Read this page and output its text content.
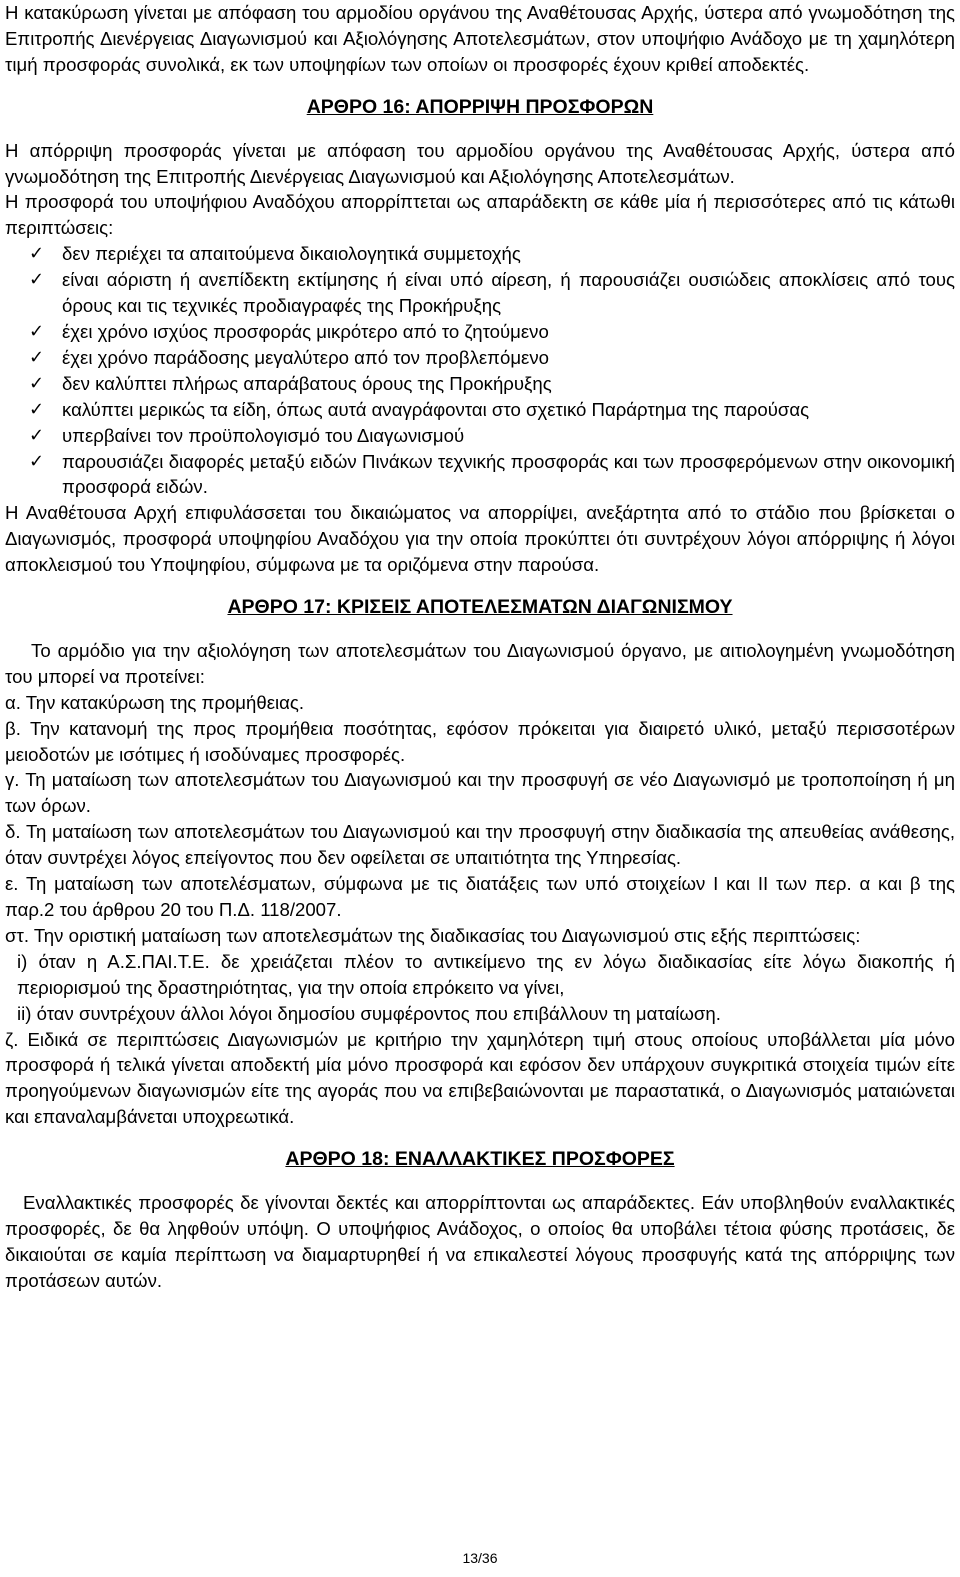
Η κατακύρωση γίνεται με απόφαση του αρμοδίου οργάνου της Αναθέτουσας Αρχής, ύστερα από γνωμοδότηση της Επιτροπής Διενέργειας Διαγωνισμού και Αξιολόγησης Αποτελεσμάτων, στον υποψήφιο Ανάδοχο με τη χαμηλότερη τιμή προσφοράς συνολικά, εκ των υποψηφίων των οποίων οι προσφορές έχουν κριθεί αποδεκτές.

ΑΡΘΡΟ 16: ΑΠΟΡΡΙΨΗ ΠΡΟΣΦΟΡΩΝ

Η απόρριψη προσφοράς γίνεται με απόφαση του αρμοδίου οργάνου της Αναθέτουσας Αρχής, ύστερα από γνωμοδότηση της Επιτροπής Διενέργειας Διαγωνισμού και Αξιολόγησης Αποτελεσμάτων.

Η προσφορά του υποψήφιου Αναδόχου απορρίπτεται ως απαράδεκτη σε κάθε μία ή περισσότερες από τις κάτωθι περιπτώσεις:

✓ δεν περιέχει τα απαιτούμενα δικαιολογητικά συμμετοχής
✓ είναι αόριστη ή ανεπίδεκτη εκτίμησης ή είναι υπό αίρεση, ή παρουσιάζει ουσιώδεις αποκλίσεις από τους όρους και τις τεχνικές προδιαγραφές της Προκήρυξης
✓ έχει χρόνο ισχύος προσφοράς μικρότερο από το ζητούμενο
✓ έχει χρόνο παράδοσης μεγαλύτερο από τον προβλεπόμενο
✓ δεν καλύπτει πλήρως απαράβατους όρους της Προκήρυξης
✓ καλύπτει μερικώς τα είδη, όπως αυτά αναγράφονται στο σχετικό Παράρτημα της παρούσας
✓ υπερβαίνει τον προϋπολογισμό του Διαγωνισμού
✓ παρουσιάζει διαφορές μεταξύ ειδών Πινάκων τεχνικής προσφοράς και των προσφερόμενων στην οικονομική προσφορά ειδών.

Η Αναθέτουσα Αρχή επιφυλάσσεται του δικαιώματος να απορρίψει, ανεξάρτητα από το στάδιο που βρίσκεται ο Διαγωνισμός, προσφορά υποψηφίου Αναδόχου για την οποία προκύπτει ότι συντρέχουν λόγοι απόρριψης ή λόγοι αποκλεισμού του Υποψηφίου, σύμφωνα με τα οριζόμενα στην παρούσα.

ΑΡΘΡΟ 17: ΚΡΙΣΕΙΣ ΑΠΟΤΕΛΕΣΜΑΤΩΝ ΔΙΑΓΩΝΙΣΜΟΥ

Το αρμόδιο για την αξιολόγηση των αποτελεσμάτων του Διαγωνισμού όργανο, με αιτιολογημένη γνωμοδότηση του μπορεί να προτείνει:

α. Την κατακύρωση της προμήθειας.

β. Την κατανομή της προς προμήθεια ποσότητας, εφόσον πρόκειται για διαιρετό υλικό, μεταξύ περισσοτέρων μειοδοτών με ισότιμες ή ισοδύναμες προσφορές.

γ. Τη ματαίωση των αποτελεσμάτων του Διαγωνισμού και την προσφυγή σε νέο Διαγωνισμό με τροποποίηση ή μη των όρων.

δ. Τη ματαίωση των αποτελεσμάτων του Διαγωνισμού και την προσφυγή στην διαδικασία της απευθείας ανάθεσης, όταν συντρέχει λόγος επείγοντος που δεν οφείλεται σε υπαιτιότητα της Υπηρεσίας.

ε. Τη ματαίωση των αποτελέσματων, σύμφωνα με τις διατάξεις των υπό στοιχείων Ι και ΙΙ των περ. α και β της παρ.2 του άρθρου 20 του Π.Δ. 118/2007.

στ. Την οριστική ματαίωση των αποτελεσμάτων της διαδικασίας του Διαγωνισμού στις εξής περιπτώσεις:

i) όταν η Α.Σ.ΠΑΙ.Τ.Ε. δε χρειάζεται πλέον το αντικείμενο της εν λόγω διαδικασίας είτε λόγω διακοπής ή περιορισμού της δραστηριότητας, για την οποία επρόκειτο να γίνει,

ii) όταν συντρέχουν άλλοι λόγοι δημοσίου συμφέροντος που επιβάλλουν τη ματαίωση.

ζ. Ειδικά σε περιπτώσεις Διαγωνισμών με κριτήριο την χαμηλότερη τιμή στους οποίους υποβάλλεται μία μόνο προσφορά ή τελικά γίνεται αποδεκτή μία μόνο προσφορά και εφόσον δεν υπάρχουν συγκριτικά στοιχεία τιμών είτε προηγούμενων διαγωνισμών είτε της αγοράς που να επιβεβαιώνονται με παραστατικά, ο Διαγωνισμός ματαιώνεται και επαναλαμβάνεται υποχρεωτικά.

ΑΡΘΡΟ 18: ΕΝΑΛΛΑΚΤΙΚΕΣ ΠΡΟΣΦΟΡΕΣ

Εναλλακτικές προσφορές δε γίνονται δεκτές και απορρίπτονται ως απαράδεκτες. Εάν υποβληθούν εναλλακτικές προσφορές, δε θα ληφθούν υπόψη. Ο υποψήφιος Ανάδοχος, ο οποίος θα υποβάλει τέτοια φύσης προτάσεις, δε δικαιούται σε καμία περίπτωση να διαμαρτυρηθεί ή να επικαλεστεί λόγους προσφυγής κατά της απόρριψης των προτάσεων αυτών.

13/36
